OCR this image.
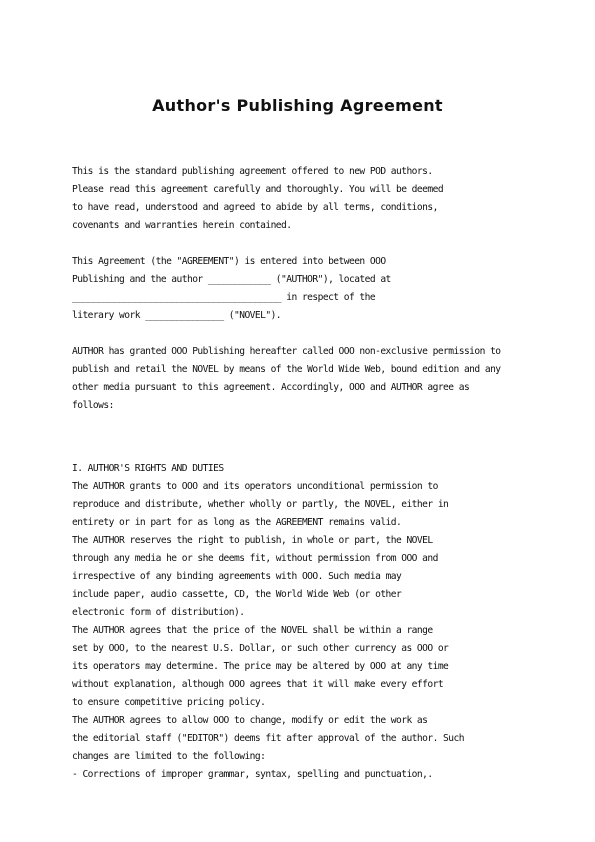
Author's Publishing Agreement
This is the standard publishing agreement offered to new POD authors.
Please read this agreement carefully and thoroughly. You will be deemed
to have read, understood and agreed to abide by all terms, conditions,
covenants and warranties herein contained.
This Agreement (the "AGREEMENT") is entered into between OOO
Publishing and the author ____________ ("AUTHOR"), located at
________________________________________ in respect of the
literary work _______________ ("NOVEL").
AUTHOR has granted OOO Publishing hereafter called OOO non-exclusive permission to
publish and retail the NOVEL by means of the World Wide Web, bound edition and any
other media pursuant to this agreement. Accordingly, OOO and AUTHOR agree as
follows:
I. AUTHOR'S RIGHTS AND DUTIES
The AUTHOR grants to OOO and its operators unconditional permission to
reproduce and distribute, whether wholly or partly, the NOVEL, either in
entirety or in part for as long as the AGREEMENT remains valid.
The AUTHOR reserves the right to publish, in whole or part, the NOVEL
through any media he or she deems fit, without permission from OOO and
irrespective of any binding agreements with OOO. Such media may
include paper, audio cassette, CD, the World Wide Web (or other
electronic form of distribution).
The AUTHOR agrees that the price of the NOVEL shall be within a range
set by OOO, to the nearest U.S. Dollar, or such other currency as OOO or
its operators may determine. The price may be altered by OOO at any time
without explanation, although OOO agrees that it will make every effort
to ensure competitive pricing policy.
The AUTHOR agrees to allow OOO to change, modify or edit the work as
the editorial staff ("EDITOR") deems fit after approval of the author. Such
changes are limited to the following:
- Corrections of improper grammar, syntax, spelling and punctuation,.
